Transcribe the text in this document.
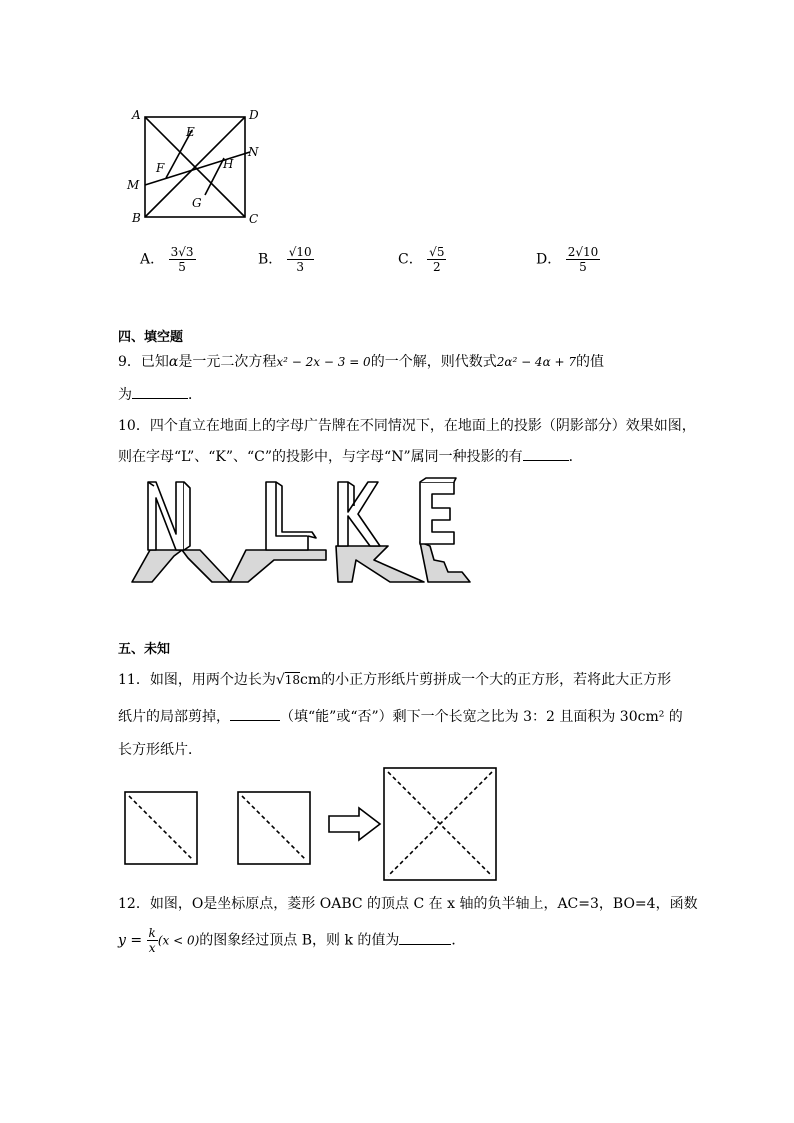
A	D
B	C
E
F	H
G
M
N
A． $\frac{3√3}{5}$	B． $\frac{√10}{3}$	C． $\frac{√5}{2}$	D． $\frac{2√10}{5}$
四、填空题
9．已知α是一元二次方程x² − 2x − 3 = 0的一个解，则代数式2α² − 4α + 7的值
为	．
10．四个直立在地面上的字母广告牌在不同情况下，在地面上的投影（阴影部分）效果如图，
则在字母“L”、“K”、“C”的投影中，与字母“N”属同一种投影的有	．
五、未知
11．如图，用两个边长为√18cm的小正方形纸片剪拼成一个大的正方形，若将此大正方形
纸片的局部剪掉，	（填“能”或“否”）剩下一个长宽之比为 3：2 且面积为 30cm² 的
长方形纸片．
12．如图，O是坐标原点，菱形 OABC 的顶点 C 在 x 轴的负半轴上，AC=3，BO=4，函数
$y = \frac{k}{x} (x < 0)$的图象经过顶点 B，则 k 的值为	．
